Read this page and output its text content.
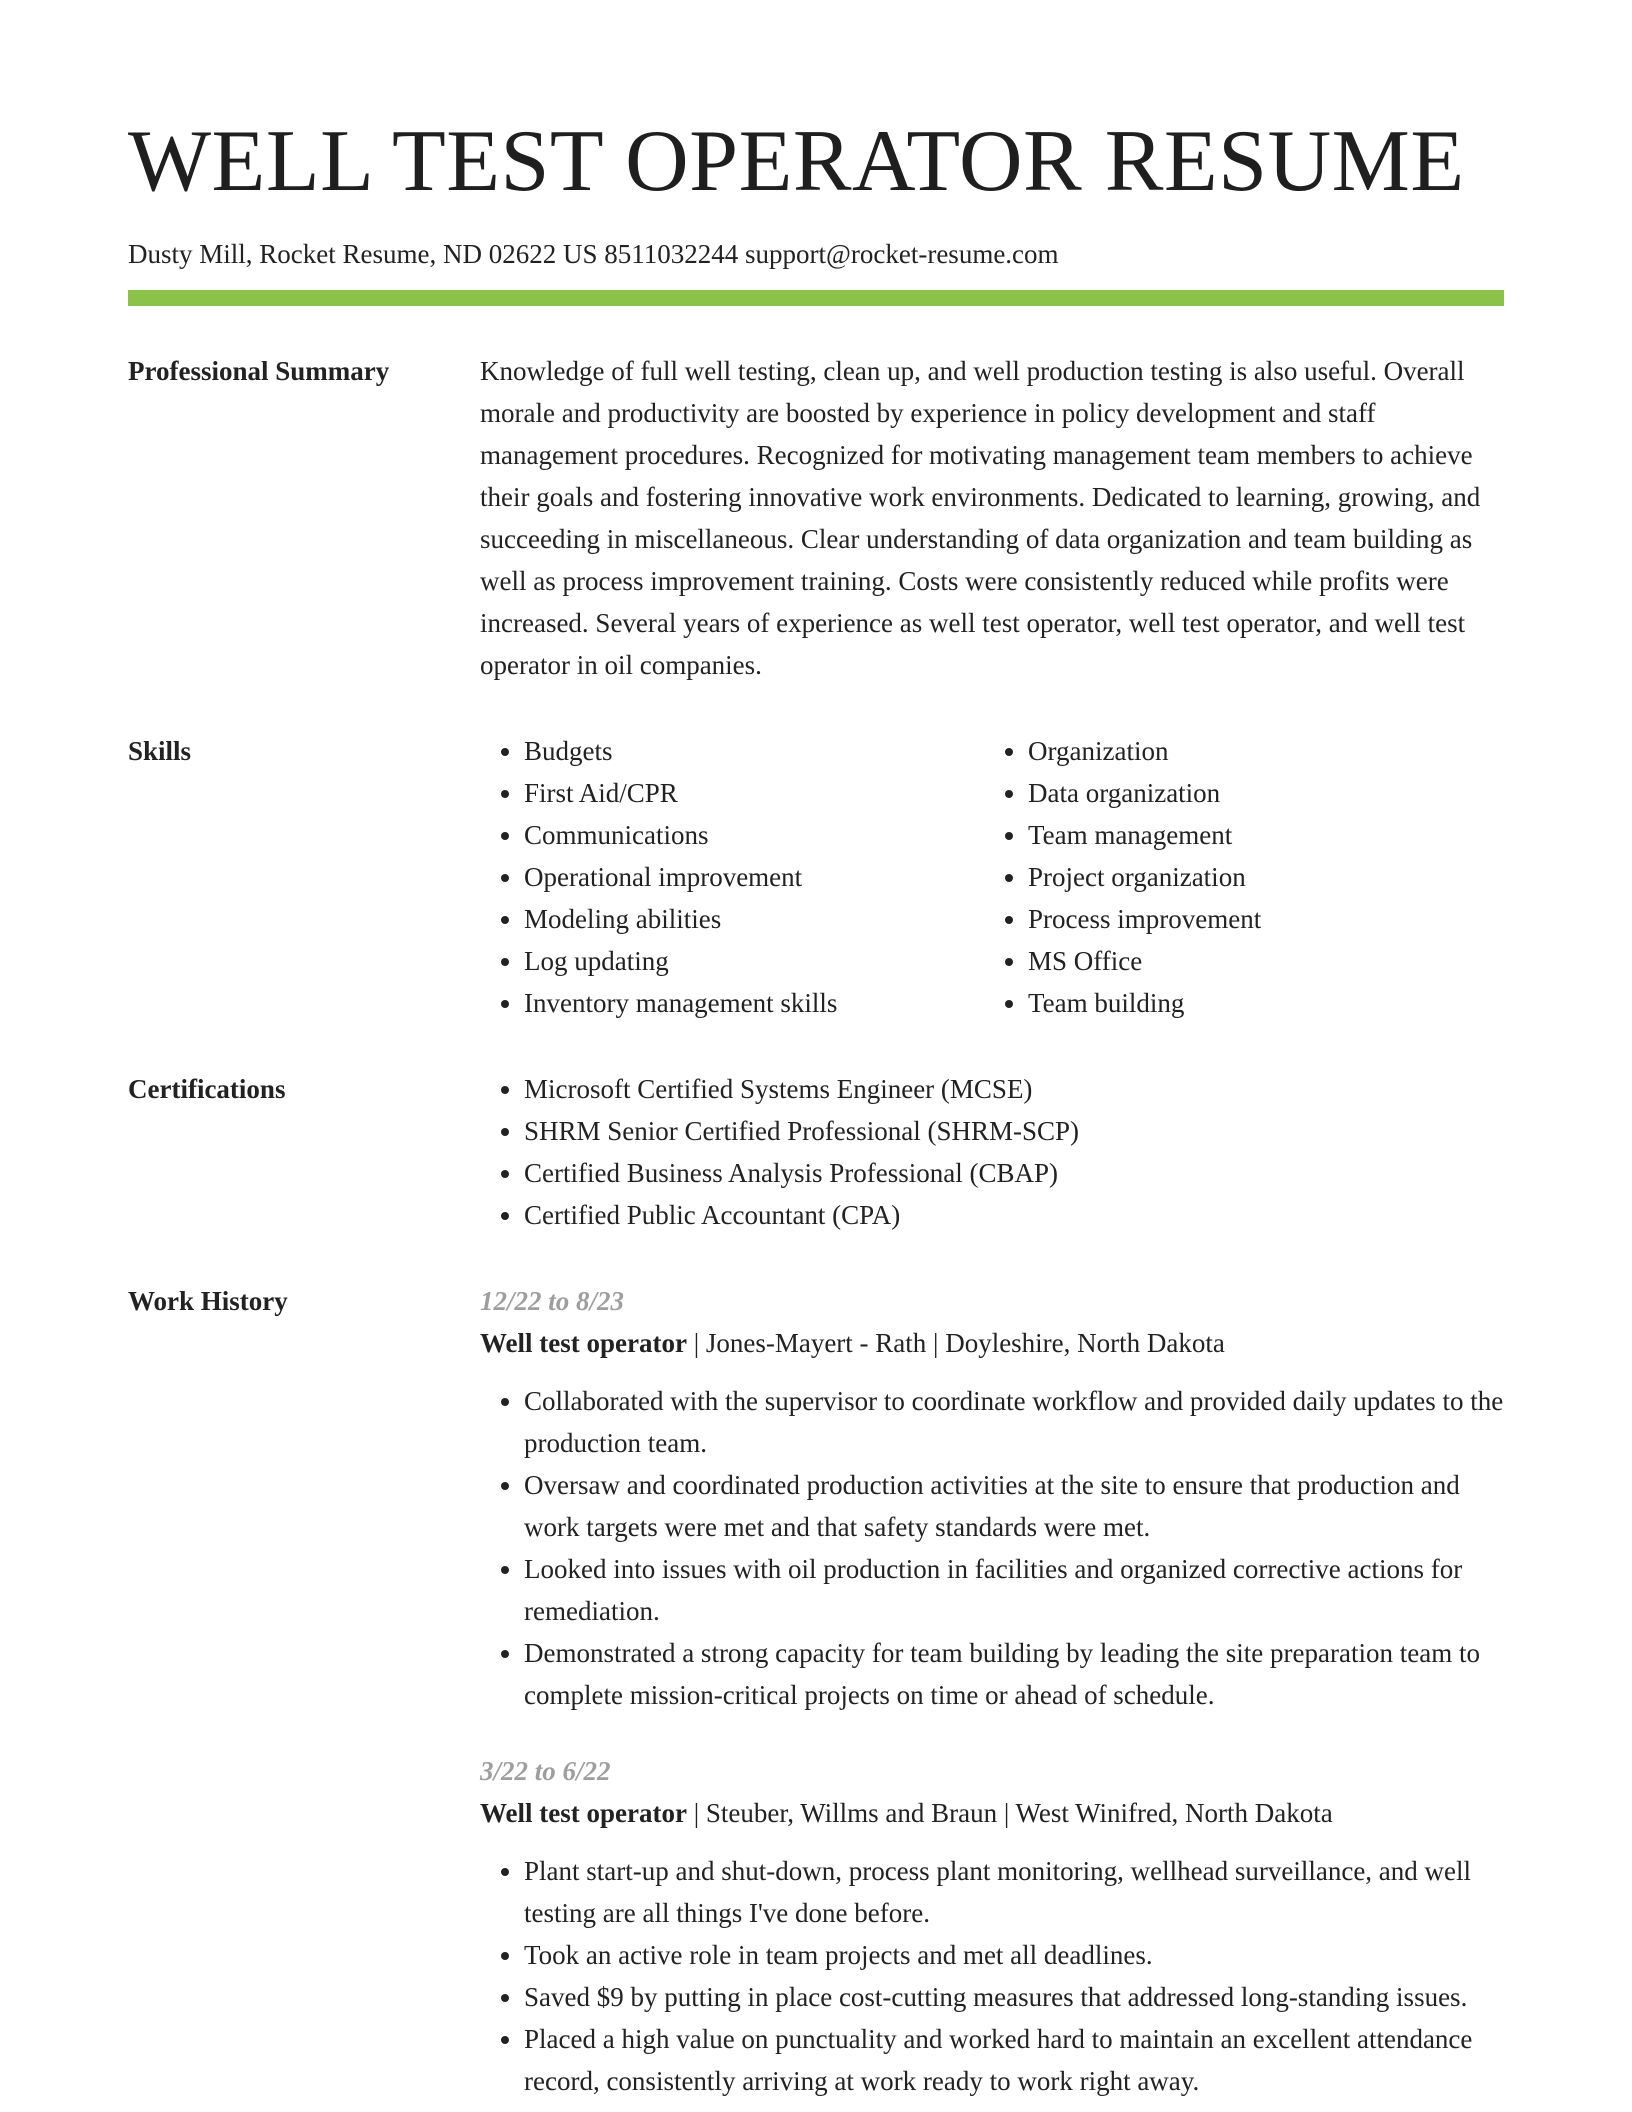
WELL TEST OPERATOR RESUME
Dusty Mill, Rocket Resume, ND 02622 US 8511032244 support@rocket-resume.com
Professional Summary	Knowledge of full well testing, clean up, and well production testing is also useful. Overall morale and productivity are boosted by experience in policy development and staff management procedures. Recognized for motivating management team members to achieve their goals and fostering innovative work environments. Dedicated to learning, growing, and succeeding in miscellaneous. Clear understanding of data organization and team building as well as process improvement training. Costs were consistently reduced while profits were increased. Several years of experience as well test operator, well test operator, and well test operator in oil companies.

Skills	• Budgets
• First Aid/CPR
• Communications
• Operational improvement
• Modeling abilities
• Log updating
• Inventory management skills
• Organization
• Data organization
• Team management
• Project organization
• Process improvement
• MS Office
• Team building
Certifications	• Microsoft Certified Systems Engineer (MCSE)
• SHRM Senior Certified Professional (SHRM-SCP)
• Certified Business Analysis Professional (CBAP)
• Certified Public Accountant (CPA)
Work History	12/22 to 8/23
Well test operator | Jones-Mayert - Rath | Doyleshire, North Dakota
• Collaborated with the supervisor to coordinate workflow and provided daily updates to the production team.
• Oversaw and coordinated production activities at the site to ensure that production and work targets were met and that safety standards were met.
• Looked into issues with oil production in facilities and organized corrective actions for remediation.
• Demonstrated a strong capacity for team building by leading the site preparation team to complete mission-critical projects on time or ahead of schedule.
3/22 to 6/22
Well test operator | Steuber, Willms and Braun | West Winifred, North Dakota
• Plant start-up and shut-down, process plant monitoring, wellhead surveillance, and well testing are all things I've done before.
• Took an active role in team projects and met all deadlines.
• Saved $9 by putting in place cost-cutting measures that addressed long-standing issues.
• Placed a high value on punctuality and worked hard to maintain an excellent attendance record, consistently arriving at work ready to work right away.
